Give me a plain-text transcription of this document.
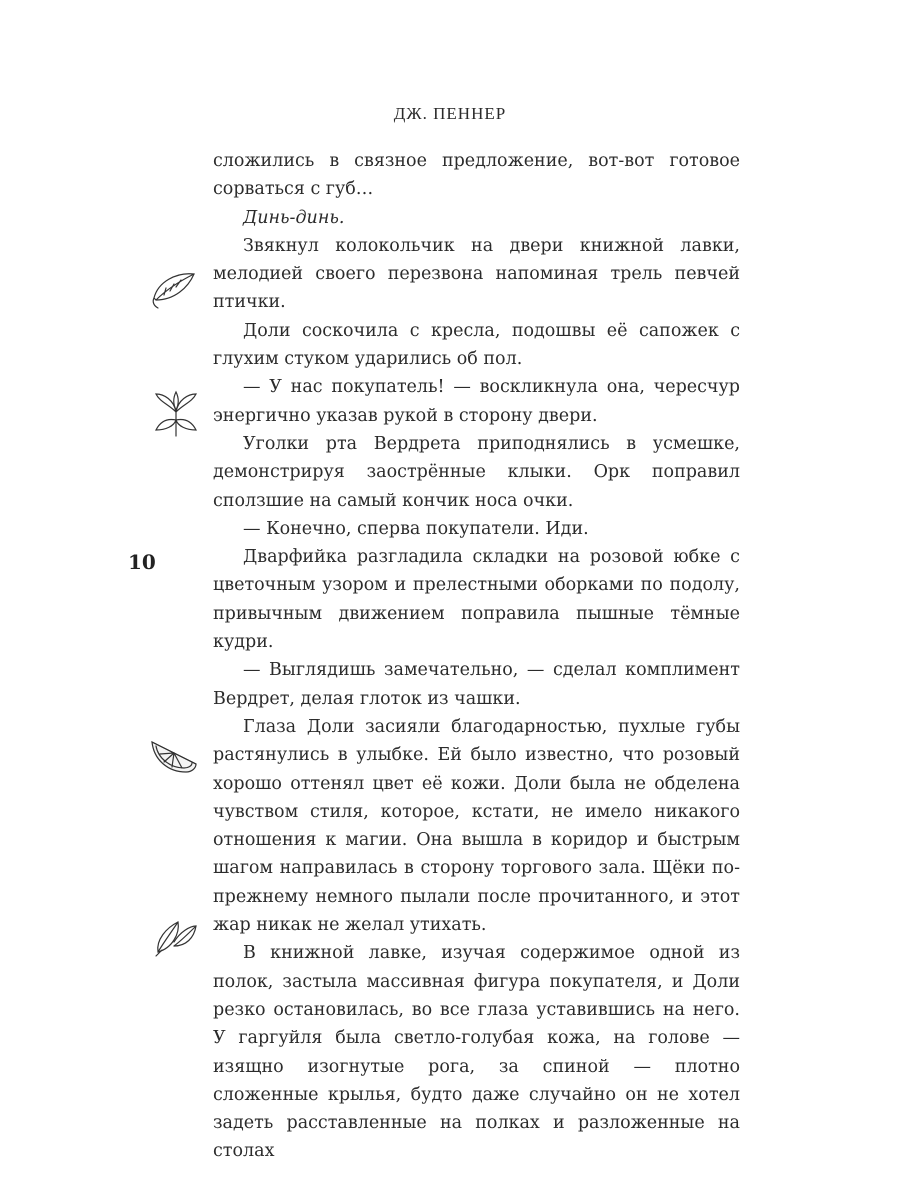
ДЖ. ПЕННЕР
10

сложились в связное предложение, вот-вот готовое сорваться с губ…

Динь-динь.

Звякнул колокольчик на двери книжной лавки, мелодией своего перезвона напоминая трель певчей птички.

Доли соскочила с кресла, подошвы её сапожек с глухим стуком ударились об пол.

— У нас покупатель! — воскликнула она, чересчур энергично указав рукой в сторону двери.

Уголки рта Вердрета приподнялись в усмешке, демонстрируя заострённые клыки. Орк поправил сползшие на самый кончик носа очки.

— Конечно, сперва покупатели. Иди.

Дварфийка разгладила складки на розовой юбке с цветочным узором и прелестными оборками по подолу, привычным движением поправила пышные тёмные кудри.

— Выглядишь замечательно, — сделал комплимент Вердрет, делая глоток из чашки.

Глаза Доли засияли благодарностью, пухлые губы растянулись в улыбке. Ей было известно, что розовый хорошо оттенял цвет её кожи. Доли была не обделена чувством стиля, которое, кстати, не имело никакого отношения к магии. Она вышла в коридор и быстрым шагом направилась в сторону торгового зала. Щёки по-прежнему немного пылали после прочитанного, и этот жар никак не желал утихать.

В книжной лавке, изучая содержимое одной из полок, застыла массивная фигура покупателя, и Доли резко остановилась, во все глаза уставившись на него. У гаргуйля была светло-голубая кожа, на голове — изящно изогнутые рога, за спиной — плотно сложенные крылья, будто даже случайно он не хотел задеть расставленные на полках и разложенные на столах
